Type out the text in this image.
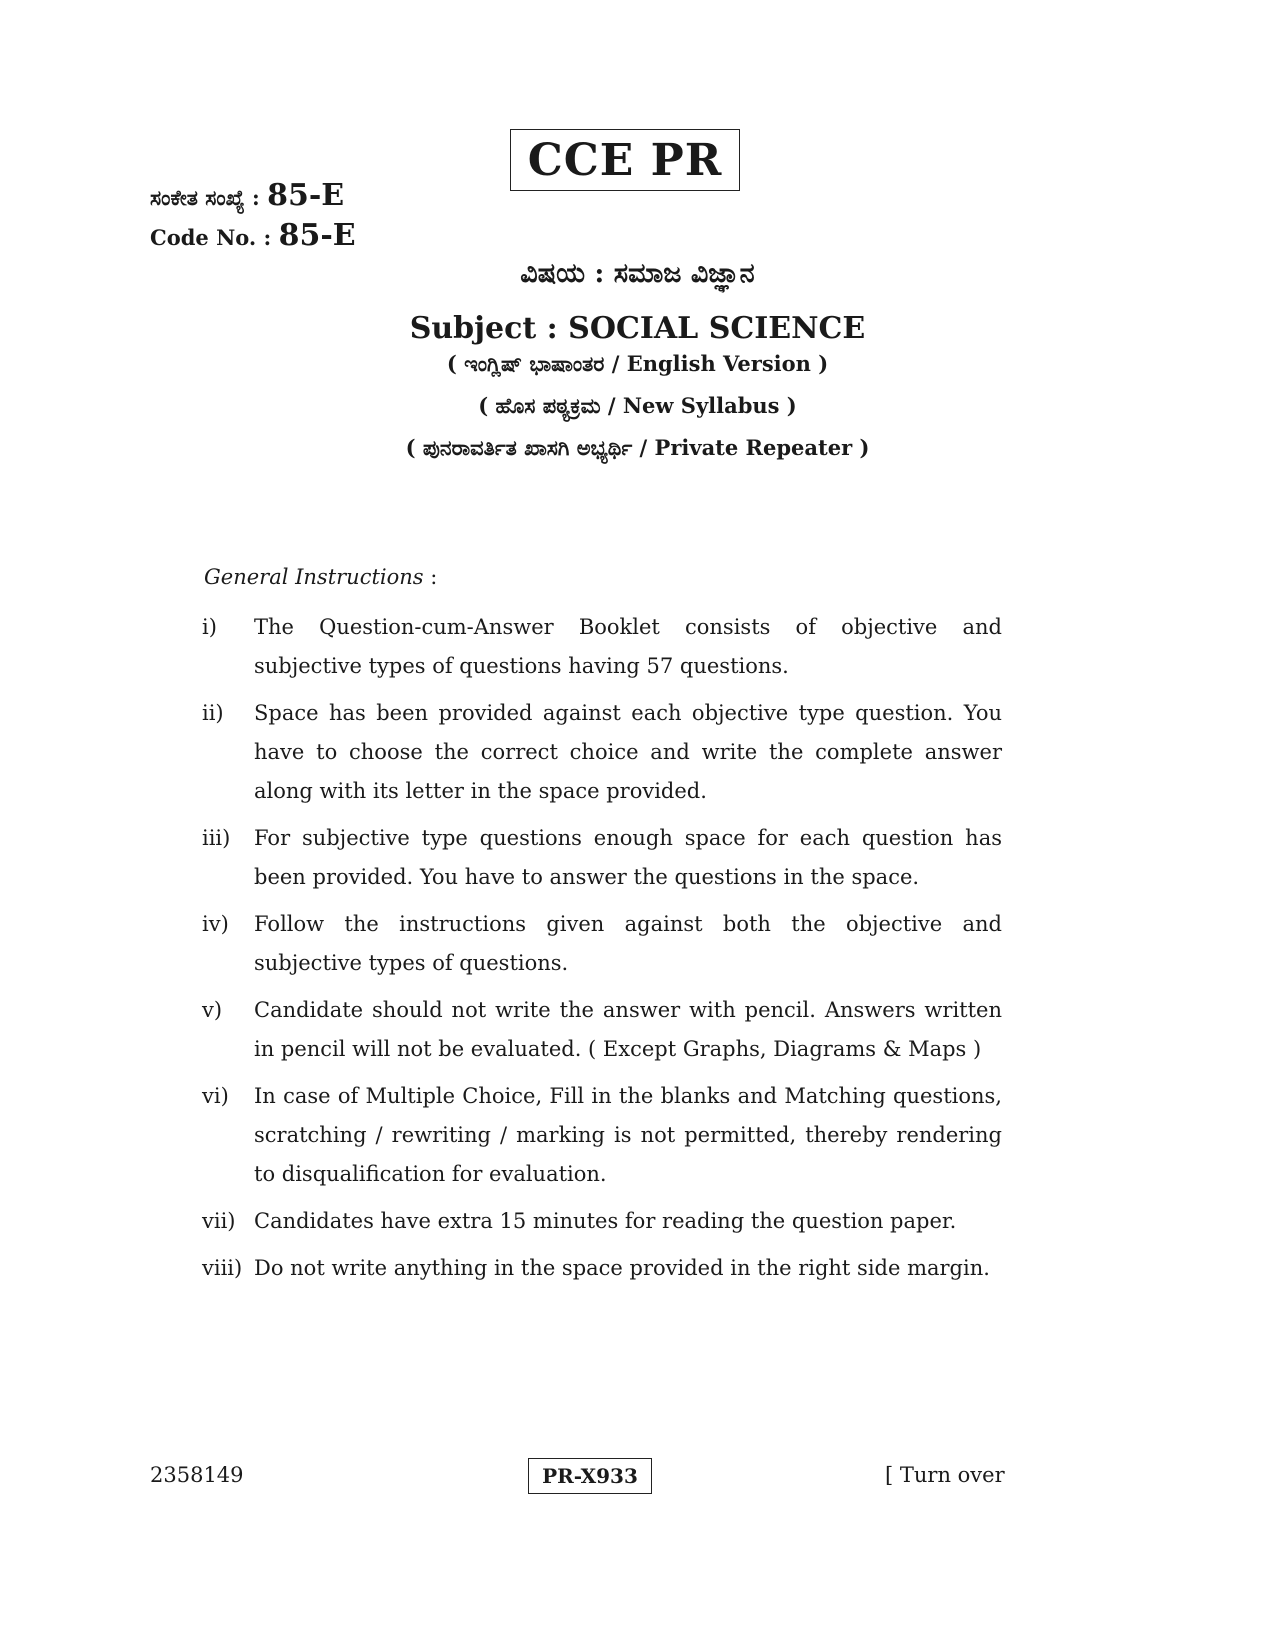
CCE PR
ಸಂಕೇತ ಸಂಖ್ಯೆ : 85-E
Code No. : 85-E
ವಿಷಯ : ಸಮಾಜ ವಿಜ್ಞಾನ
Subject : SOCIAL SCIENCE
( ಇಂಗ್ಲಿಷ್ ಭಾಷಾಂತರ / English Version )
( ಹೊಸ ಪಠ್ಯಕ್ರಮ / New Syllabus )
( ಪುನರಾವರ್ತಿತ ಖಾಸಗಿ ಅಭ್ಯರ್ಥಿ / Private Repeater )
General Instructions :
i)	The Question-cum-Answer Booklet consists of objective and subjective types of questions having 57 questions.
ii)	Space has been provided against each objective type question. You have to choose the correct choice and write the complete answer along with its letter in the space provided.
iii)	For subjective type questions enough space for each question has been provided. You have to answer the questions in the space.
iv)	Follow the instructions given against both the objective and subjective types of questions.
v)	Candidate should not write the answer with pencil. Answers written in pencil will not be evaluated. ( Except Graphs, Diagrams & Maps )
vi)	In case of Multiple Choice, Fill in the blanks and Matching questions, scratching / rewriting / marking is not permitted, thereby rendering to disqualification for evaluation.
vii) Candidates have extra 15 minutes for reading the question paper.
viii) Do not write anything in the space provided in the right side margin.
2358149	PR-X933	[ Turn over
